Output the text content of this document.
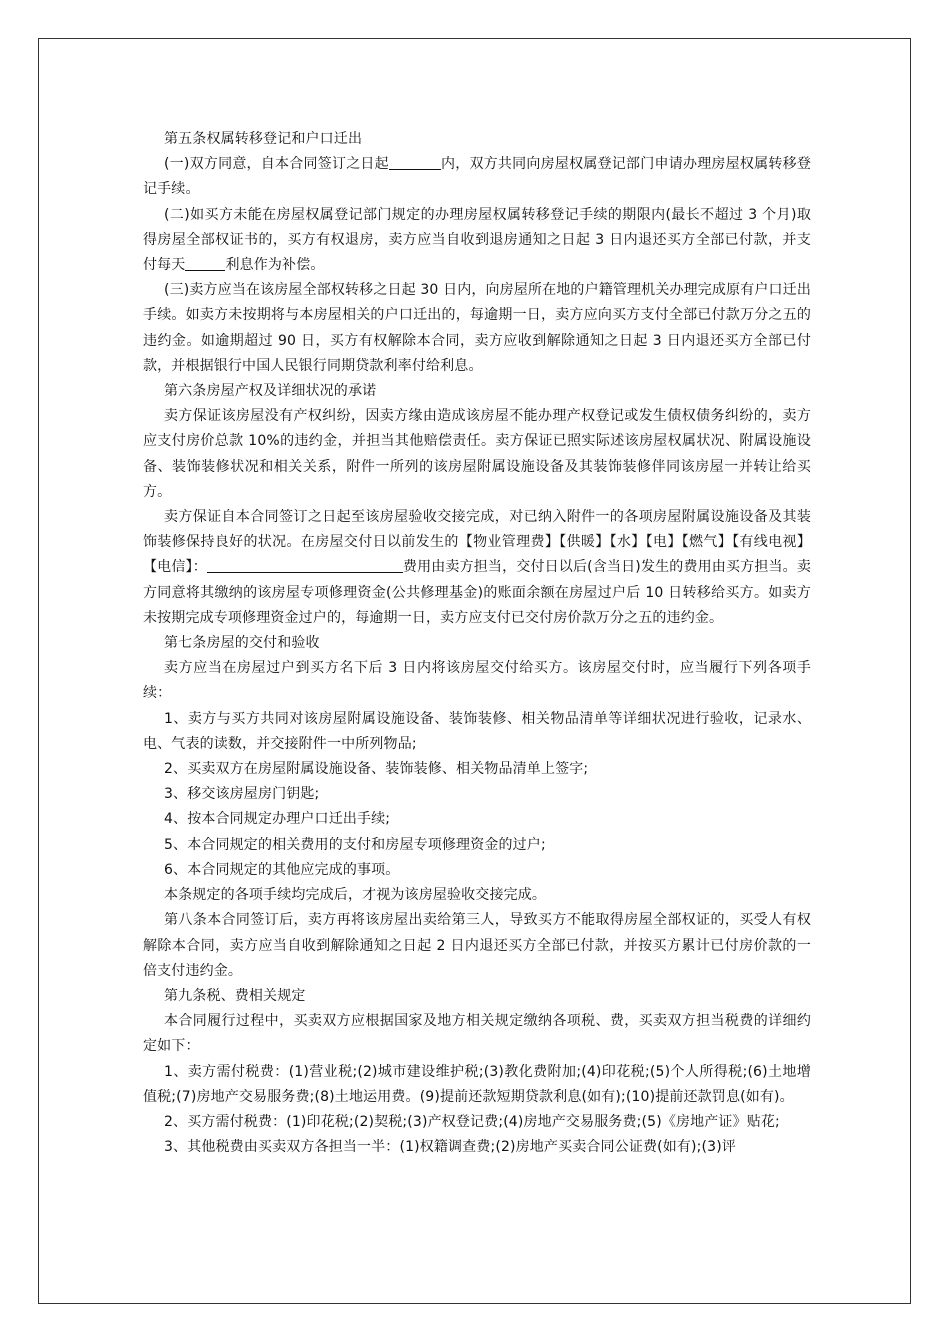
第五条权属转移登记和户口迁出

(一)双方同意，自本合同签订之日起	内，双方共同向房屋权属登记部门申请办理房屋权属转移登记手续。

(二)如买方未能在房屋权属登记部门规定的办理房屋权属转移登记手续的期限内(最长不超过 3 个月)取得房屋全部权证书的，买方有权退房，卖方应当自收到退房通知之日起 3 日内退还买方全部已付款，并支付每天	利息作为补偿。

(三)卖方应当在该房屋全部权转移之日起 30 日内，向房屋所在地的户籍管理机关办理完成原有户口迁出手续。如卖方未按期将与本房屋相关的户口迁出的，每逾期一日，卖方应向买方支付全部已付款万分之五的违约金。如逾期超过 90 日，买方有权解除本合同，卖方应收到解除通知之日起 3 日内退还买方全部已付款，并根据银行中国人民银行同期贷款利率付给利息。

第六条房屋产权及详细状况的承诺

卖方保证该房屋没有产权纠纷，因卖方缘由造成该房屋不能办理产权登记或发生债权债务纠纷的，卖方应支付房价总款 10%的违约金，并担当其他赔偿责任。卖方保证已照实际述该房屋权属状况、附属设施设备、装饰装修状况和相关关系，附件一所列的该房屋附属设施设备及其装饰装修伴同该房屋一并转让给买方。

卖方保证自本合同签订之日起至该房屋验收交接完成，对已纳入附件一的各项房屋附属设施设备及其装饰装修保持良好的状况。在房屋交付日以前发生的【物业管理费】【供暖】【水】【电】【燃气】【有线电视】【电信】：	费用由卖方担当，交付日以后(含当日)发生的费用由买方担当。卖方同意将其缴纳的该房屋专项修理资金(公共修理基金)的账面余额在房屋过户后 10 日转移给买方。如卖方未按期完成专项修理资金过户的，每逾期一日，卖方应支付已交付房价款万分之五的违约金。

第七条房屋的交付和验收

卖方应当在房屋过户到买方名下后 3 日内将该房屋交付给买方。该房屋交付时，应当履行下列各项手续：

1、卖方与买方共同对该房屋附属设施设备、装饰装修、相关物品清单等详细状况进行验收，记录水、电、气表的读数，并交接附件一中所列物品;

2、买卖双方在房屋附属设施设备、装饰装修、相关物品清单上签字;

3、移交该房屋房门钥匙;

4、按本合同规定办理户口迁出手续;

5、本合同规定的相关费用的支付和房屋专项修理资金的过户;

6、本合同规定的其他应完成的事项。

本条规定的各项手续均完成后，才视为该房屋验收交接完成。

第八条本合同签订后，卖方再将该房屋出卖给第三人，导致买方不能取得房屋全部权证的，买受人有权解除本合同，卖方应当自收到解除通知之日起 2 日内退还买方全部已付款，并按买方累计已付房价款的一倍支付违约金。

第九条税、费相关规定

本合同履行过程中，买卖双方应根据国家及地方相关规定缴纳各项税、费，买卖双方担当税费的详细约定如下：

1、卖方需付税费：(1)营业税;(2)城市建设维护税;(3)教化费附加;(4)印花税;(5)个人所得税;(6)土地增值税;(7)房地产交易服务费;(8)土地运用费。(9)提前还款短期贷款利息(如有);(10)提前还款罚息(如有)。

2、买方需付税费：(1)印花税;(2)契税;(3)产权登记费;(4)房地产交易服务费;(5)《房地产证》贴花;

3、其他税费由买卖双方各担当一半：(1)权籍调查费;(2)房地产买卖合同公证费(如有);(3)评
